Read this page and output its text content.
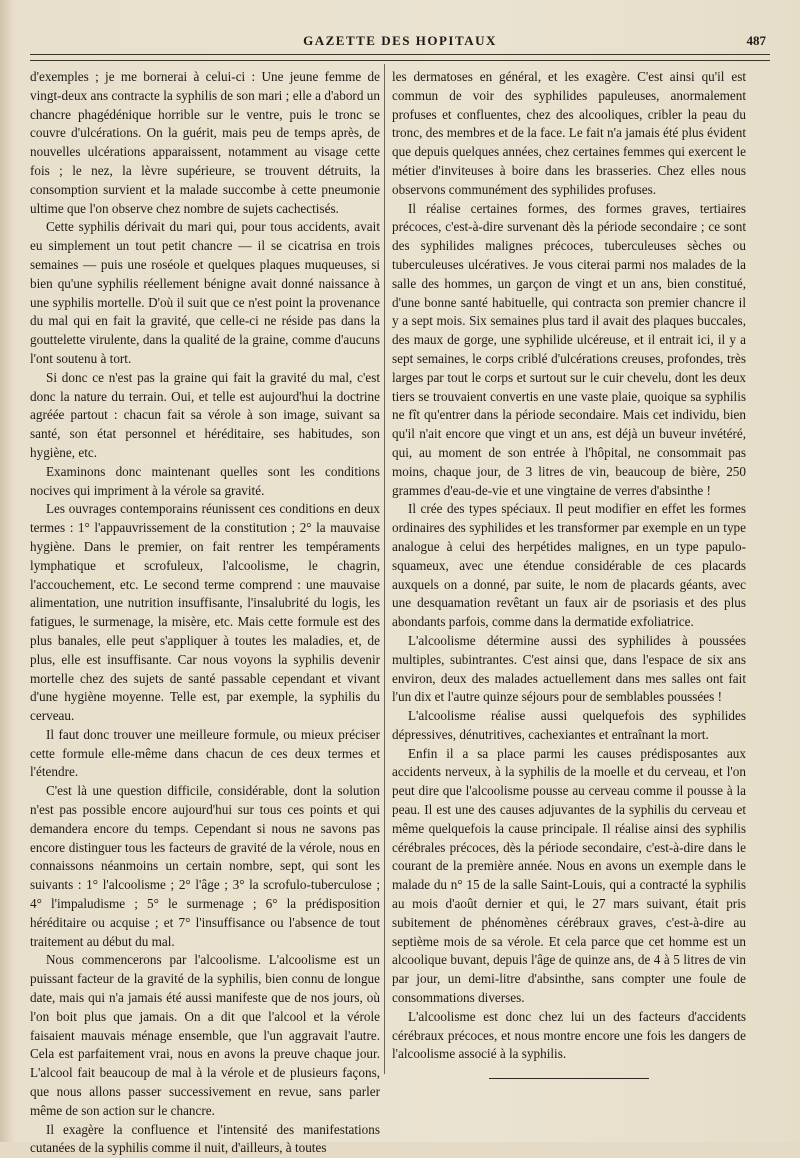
GAZETTE DES HOPITAUX	487

d'exemples ; je me bornerai à celui-ci : Une jeune femme de vingt-deux ans contracte la syphilis de son mari ; elle a d'abord un chancre phagédénique horrible sur le ventre, puis le tronc se couvre d'ulcérations. On la guérit, mais peu de temps après, de nouvelles ulcérations apparaissent, notamment au visage cette fois ; le nez, la lèvre supérieure, se trouvent détruits, la consomption survient et la malade succombe à cette pneumonie ultime que l'on observe chez nombre de sujets cachectisés.

Cette syphilis dérivait du mari qui, pour tous accidents, avait eu simplement un tout petit chancre — il se cicatrisa en trois semaines — puis une roséole et quelques plaques muqueuses, si bien qu'une syphilis réellement bénigne avait donné naissance à une syphilis mortelle. D'où il suit que ce n'est point la provenance du mal qui en fait la gravité, que celle-ci ne réside pas dans la gouttelette virulente, dans la qualité de la graine, comme d'aucuns l'ont soutenu à tort.

Si donc ce n'est pas la graine qui fait la gravité du mal, c'est donc la nature du terrain. Oui, et telle est aujourd'hui la doctrine agréée partout : chacun fait sa vérole à son image, suivant sa santé, son état personnel et héréditaire, ses habitudes, son hygiène, etc.

Examinons donc maintenant quelles sont les conditions nocives qui impriment à la vérole sa gravité.

Les ouvrages contemporains réunissent ces conditions en deux termes : 1° l'appauvrissement de la constitution ; 2° la mauvaise hygiène. Dans le premier, on fait rentrer les tempéraments lymphatique et scrofuleux, l'alcoolisme, le chagrin, l'accouchement, etc. Le second terme comprend : une mauvaise alimentation, une nutrition insuffisante, l'insalubrité du logis, les fatigues, le surmenage, la misère, etc. Mais cette formule est des plus banales, elle peut s'appliquer à toutes les maladies, et, de plus, elle est insuffisante. Car nous voyons la syphilis devenir mortelle chez des sujets de santé passable cependant et vivant d'une hygiène moyenne. Telle est, par exemple, la syphilis du cerveau.

Il faut donc trouver une meilleure formule, ou mieux préciser cette formule elle-même dans chacun de ces deux termes et l'étendre.

C'est là une question difficile, considérable, dont la solution n'est pas possible encore aujourd'hui sur tous ces points et qui demandera encore du temps. Cependant si nous ne savons pas encore distinguer tous les facteurs de gravité de la vérole, nous en connaissons néanmoins un certain nombre, sept, qui sont les suivants : 1° l'alcoolisme ; 2° l'âge ; 3° la scrofulo-tuberculose ; 4° l'impaludisme ; 5° le surmenage ; 6° la prédisposition héréditaire ou acquise ; et 7° l'insuffisance ou l'absence de tout traitement au début du mal.

Nous commencerons par l'alcoolisme. L'alcoolisme est un puissant facteur de la gravité de la syphilis, bien connu de longue date, mais qui n'a jamais été aussi manifeste que de nos jours, où l'on boit plus que jamais. On a dit que l'alcool et la vérole faisaient mauvais ménage ensemble, que l'un aggravait l'autre. Cela est parfaitement vrai, nous en avons la preuve chaque jour. L'alcool fait beaucoup de mal à la vérole et de plusieurs façons, que nous allons passer successivement en revue, sans parler même de son action sur le chancre.

Il exagère la confluence et l'intensité des manifestations cutanées de la syphilis comme il nuit, d'ailleurs, à toutes

les dermatoses en général, et les exagère. C'est ainsi qu'il est commun de voir des syphilides papuleuses, anormalement profuses et confluentes, chez des alcooliques, cribler la peau du tronc, des membres et de la face. Le fait n'a jamais été plus évident que depuis quelques années, chez certaines femmes qui exercent le métier d'inviteuses à boire dans les brasseries. Chez elles nous observons communément des syphilides profuses.

Il réalise certaines formes, des formes graves, tertiaires précoces, c'est-à-dire survenant dès la période secondaire ; ce sont des syphilides malignes précoces, tuberculeuses sèches ou tuberculeuses ulcératives. Je vous citerai parmi nos malades de la salle des hommes, un garçon de vingt et un ans, bien constitué, d'une bonne santé habituelle, qui contracta son premier chancre il y a sept mois. Six semaines plus tard il avait des plaques buccales, des maux de gorge, une syphilide ulcéreuse, et il entrait ici, il y a sept semaines, le corps criblé d'ulcérations creuses, profondes, très larges par tout le corps et surtout sur le cuir chevelu, dont les deux tiers se trouvaient convertis en une vaste plaie, quoique sa syphilis ne fît qu'entrer dans la période secondaire. Mais cet individu, bien qu'il n'ait encore que vingt et un ans, est déjà un buveur invétéré, qui, au moment de son entrée à l'hôpital, ne consommait pas moins, chaque jour, de 3 litres de vin, beaucoup de bière, 250 grammes d'eau-de-vie et une vingtaine de verres d'absinthe !

Il crée des types spéciaux. Il peut modifier en effet les formes ordinaires des syphilides et les transformer par exemple en un type analogue à celui des herpétides malignes, en un type papulo-squameux, avec une étendue considérable de ces placards auxquels on a donné, par suite, le nom de placards géants, avec une desquamation revêtant un faux air de psoriasis et des plus abondants parfois, comme dans la dermatide exfoliatrice.

L'alcoolisme détermine aussi des syphilides à poussées multiples, subintrantes. C'est ainsi que, dans l'espace de six ans environ, deux des malades actuellement dans mes salles ont fait l'un dix et l'autre quinze séjours pour de semblables poussées !

L'alcoolisme réalise aussi quelquefois des syphilides dépressives, dénutritives, cachexiantes et entraînant la mort.

Enfin il a sa place parmi les causes prédisposantes aux accidents nerveux, à la syphilis de la moelle et du cerveau, et l'on peut dire que l'alcoolisme pousse au cerveau comme il pousse à la peau. Il est une des causes adjuvantes de la syphilis du cerveau et même quelquefois la cause principale. Il réalise ainsi des syphilis cérébrales précoces, dès la période secondaire, c'est-à-dire dans le courant de la première année. Nous en avons un exemple dans le malade du n° 15 de la salle Saint-Louis, qui a contracté la syphilis au mois d'août dernier et qui, le 27 mars suivant, était pris subitement de phénomènes cérébraux graves, c'est-à-dire au septième mois de sa vérole. Et cela parce que cet homme est un alcoolique buvant, depuis l'âge de quinze ans, de 4 à 5 litres de vin par jour, un demi-litre d'absinthe, sans compter une foule de consommations diverses.

L'alcoolisme est donc chez lui un des facteurs d'accidents cérébraux précoces, et nous montre encore une fois les dangers de l'alcoolisme associé à la syphilis.
